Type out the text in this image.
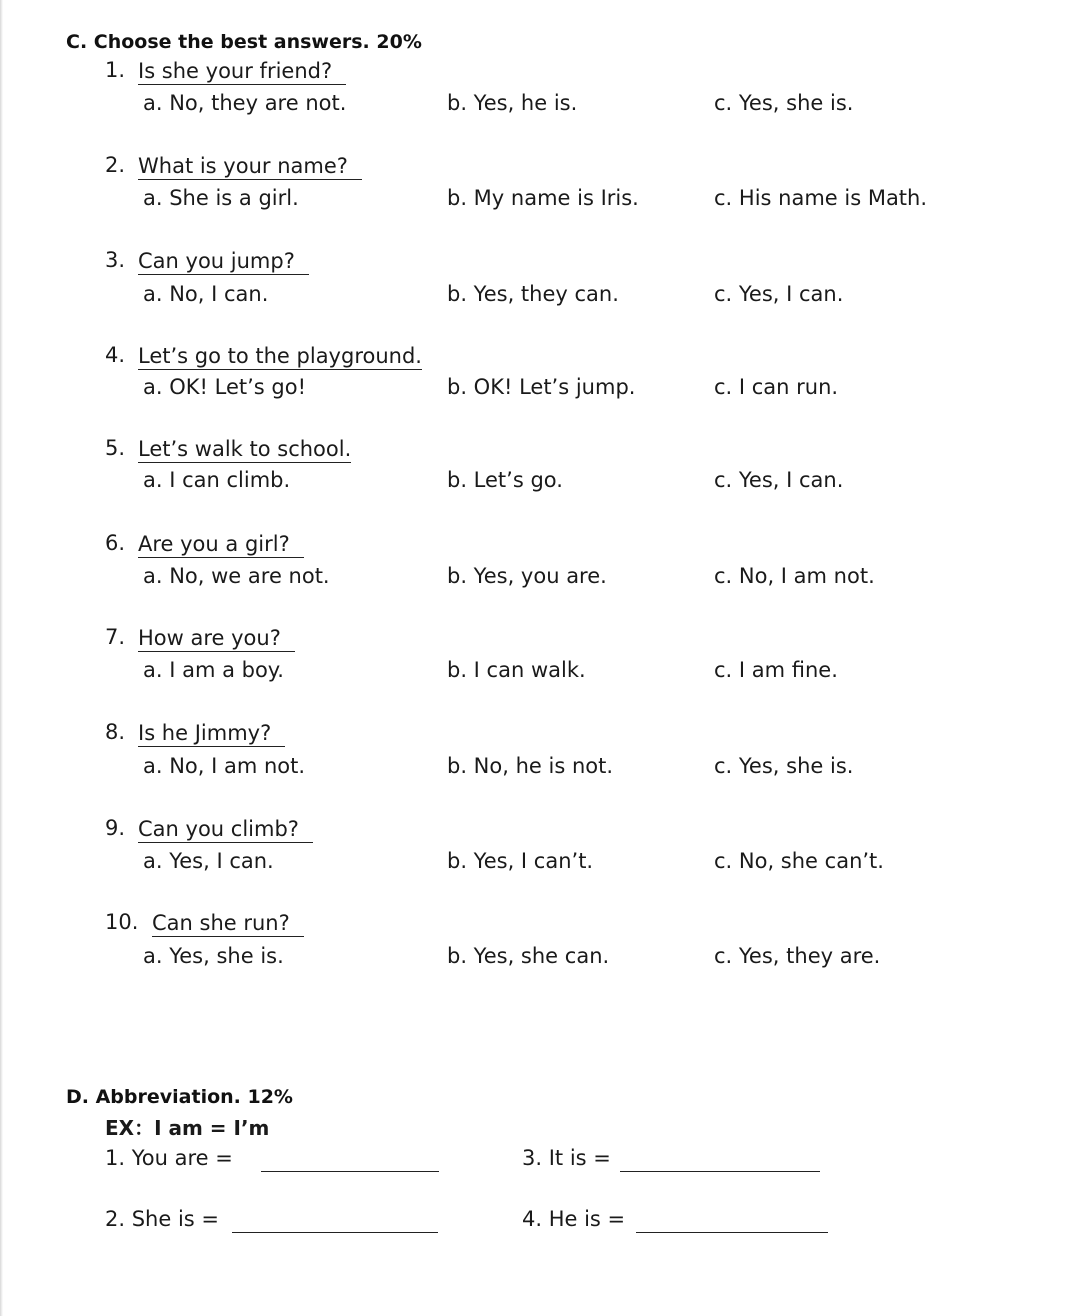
C. Choose the best answers. 20%
1. Is she your friend?
a. No, they are not.	b. Yes, he is.	c. Yes, she is.
2. What is your name?
a. She is a girl.	b. My name is Iris.	c. His name is Math.
3. Can you jump?
a. No, I can.	b. Yes, they can.	c. Yes, I can.
4. Let’s go to the playground.
a. OK! Let’s go!	b. OK! Let’s jump.	c. I can run.
5. Let’s walk to school.
a. I can climb.	b. Let’s go.	c. Yes, I can.
6. Are you a girl?
a. No, we are not.	b. Yes, you are.	c. No, I am not.
7. How are you?
a. I am a boy.	b. I can walk.	c. I am fine.
8. Is he Jimmy?
a. No, I am not.	b. No, he is not.	c. Yes, she is.
9. Can you climb?
a. Yes, I can.	b. Yes, I can’t.	c. No, she can’t.
10. Can she run?
a. Yes, she is.	b. Yes, she can.	c. Yes, they are.
D. Abbreviation. 12%
EX：I am = I’m
1. You are =	3. It is =
2. She is =	4. He is =
